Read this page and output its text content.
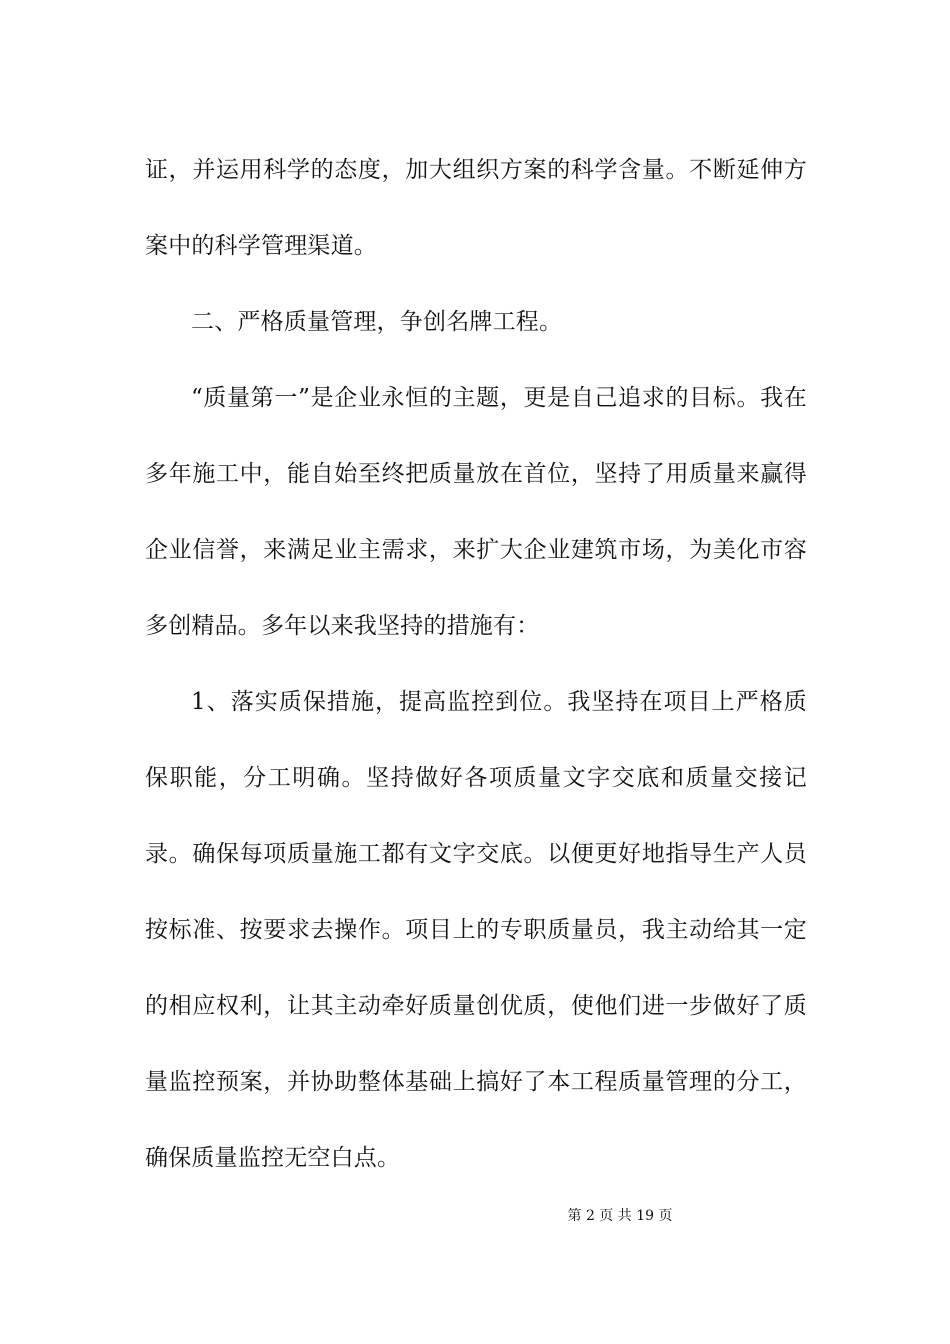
证，并运用科学的态度，加大组织方案的科学含量。不断延伸方案中的科学管理渠道。

二、严格质量管理，争创名牌工程。

“质量第一”是企业永恒的主题，更是自己追求的目标。我在多年施工中，能自始至终把质量放在首位，坚持了用质量来赢得企业信誉，来满足业主需求，来扩大企业建筑市场，为美化市容多创精品。多年以来我坚持的措施有：

1、落实质保措施，提高监控到位。我坚持在项目上严格质保职能，分工明确。坚持做好各项质量文字交底和质量交接记录。确保每项质量施工都有文字交底。以便更好地指导生产人员按标准、按要求去操作。项目上的专职质量员，我主动给其一定的相应权利，让其主动牵好质量创优质，使他们进一步做好了质量监控预案，并协助整体基础上搞好了本工程质量管理的分工，确保质量监控无空白点。

第 2 页 共 19 页
